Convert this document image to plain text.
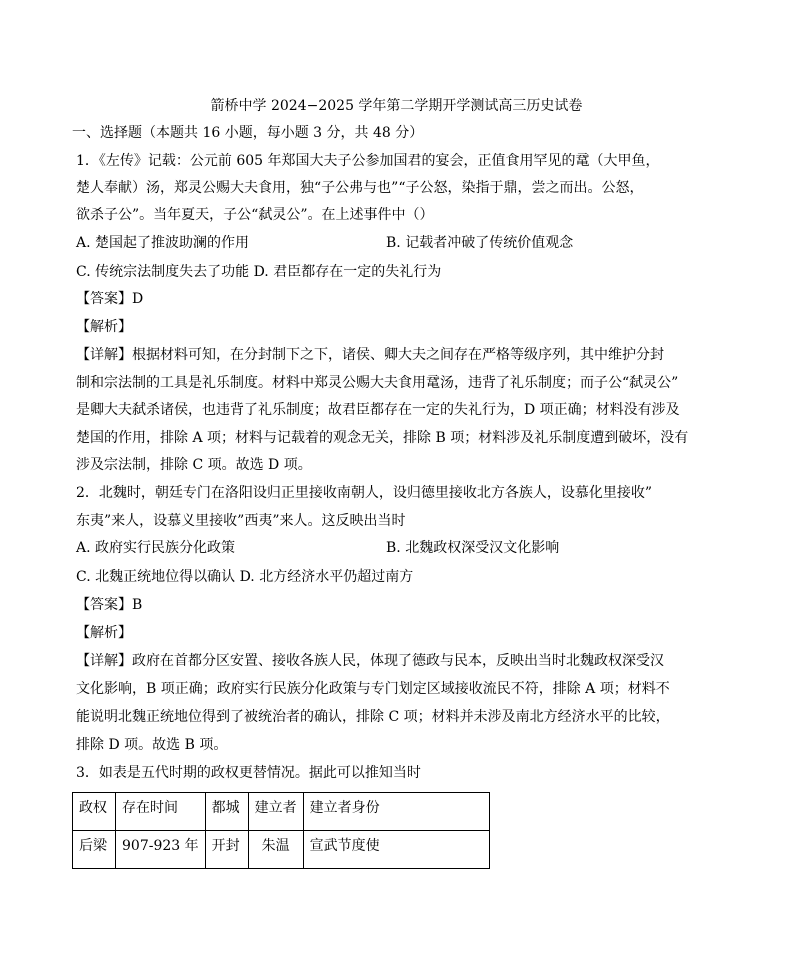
箭桥中学 2024−2025 学年第二学期开学测试高三历史试卷
一、选择题（本题共 16 小题，每小题 3 分，共 48 分）
1．《左传》记载：公元前 605 年郑国大夫子公参加国君的宴会，正值食用罕见的鼋（大甲鱼，
楚人奉献）汤，郑灵公赐大夫食用，独“子公弗与也”“子公怒，染指于鼎，尝之而出。公怒，
欲杀子公”。当年夏天，子公“弑灵公”。在上述事件中（）
A. 楚国起了推波助澜的作用	B. 记载者冲破了传统价值观念
C. 传统宗法制度失去了功能 D. 君臣都存在一定的失礼行为
【答案】D
【解析】
【详解】根据材料可知，在分封制下之下，诸侯、卿大夫之间存在严格等级序列，其中维护分封
制和宗法制的工具是礼乐制度。材料中郑灵公赐大夫食用鼋汤，违背了礼乐制度；而子公“弑灵公”
是卿大夫弑杀诸侯，也违背了礼乐制度；故君臣都存在一定的失礼行为，D 项正确；材料没有涉及
楚国的作用，排除 A 项；材料与记载着的观念无关，排除 B 项；材料涉及礼乐制度遭到破坏，没有
涉及宗法制，排除 C 项。故选 D 项。
2．北魏时，朝廷专门在洛阳设归正里接收南朝人，设归德里接收北方各族人，设慕化里接收”
东夷”来人，设慕义里接收”西夷”来人。这反映出当时
A. 政府实行民族分化政策	B. 北魏政权深受汉文化影响
C. 北魏正统地位得以确认 D. 北方经济水平仍超过南方
【答案】B
【解析】
【详解】政府在首都分区安置、接收各族人民，体现了德政与民本，反映出当时北魏政权深受汉
文化影响，B 项正确；政府实行民族分化政策与专门划定区域接收流民不符，排除 A 项；材料不
能说明北魏正统地位得到了被统治者的确认，排除 C 项；材料并未涉及南北方经济水平的比较，
排除 D 项。故选 B 项。
3．如表是五代时期的政权更替情况。据此可以推知当时
政权	存在时间	都城	建立者	建立者身份
后梁	907-923 年	开封	朱温	宣武节度使
